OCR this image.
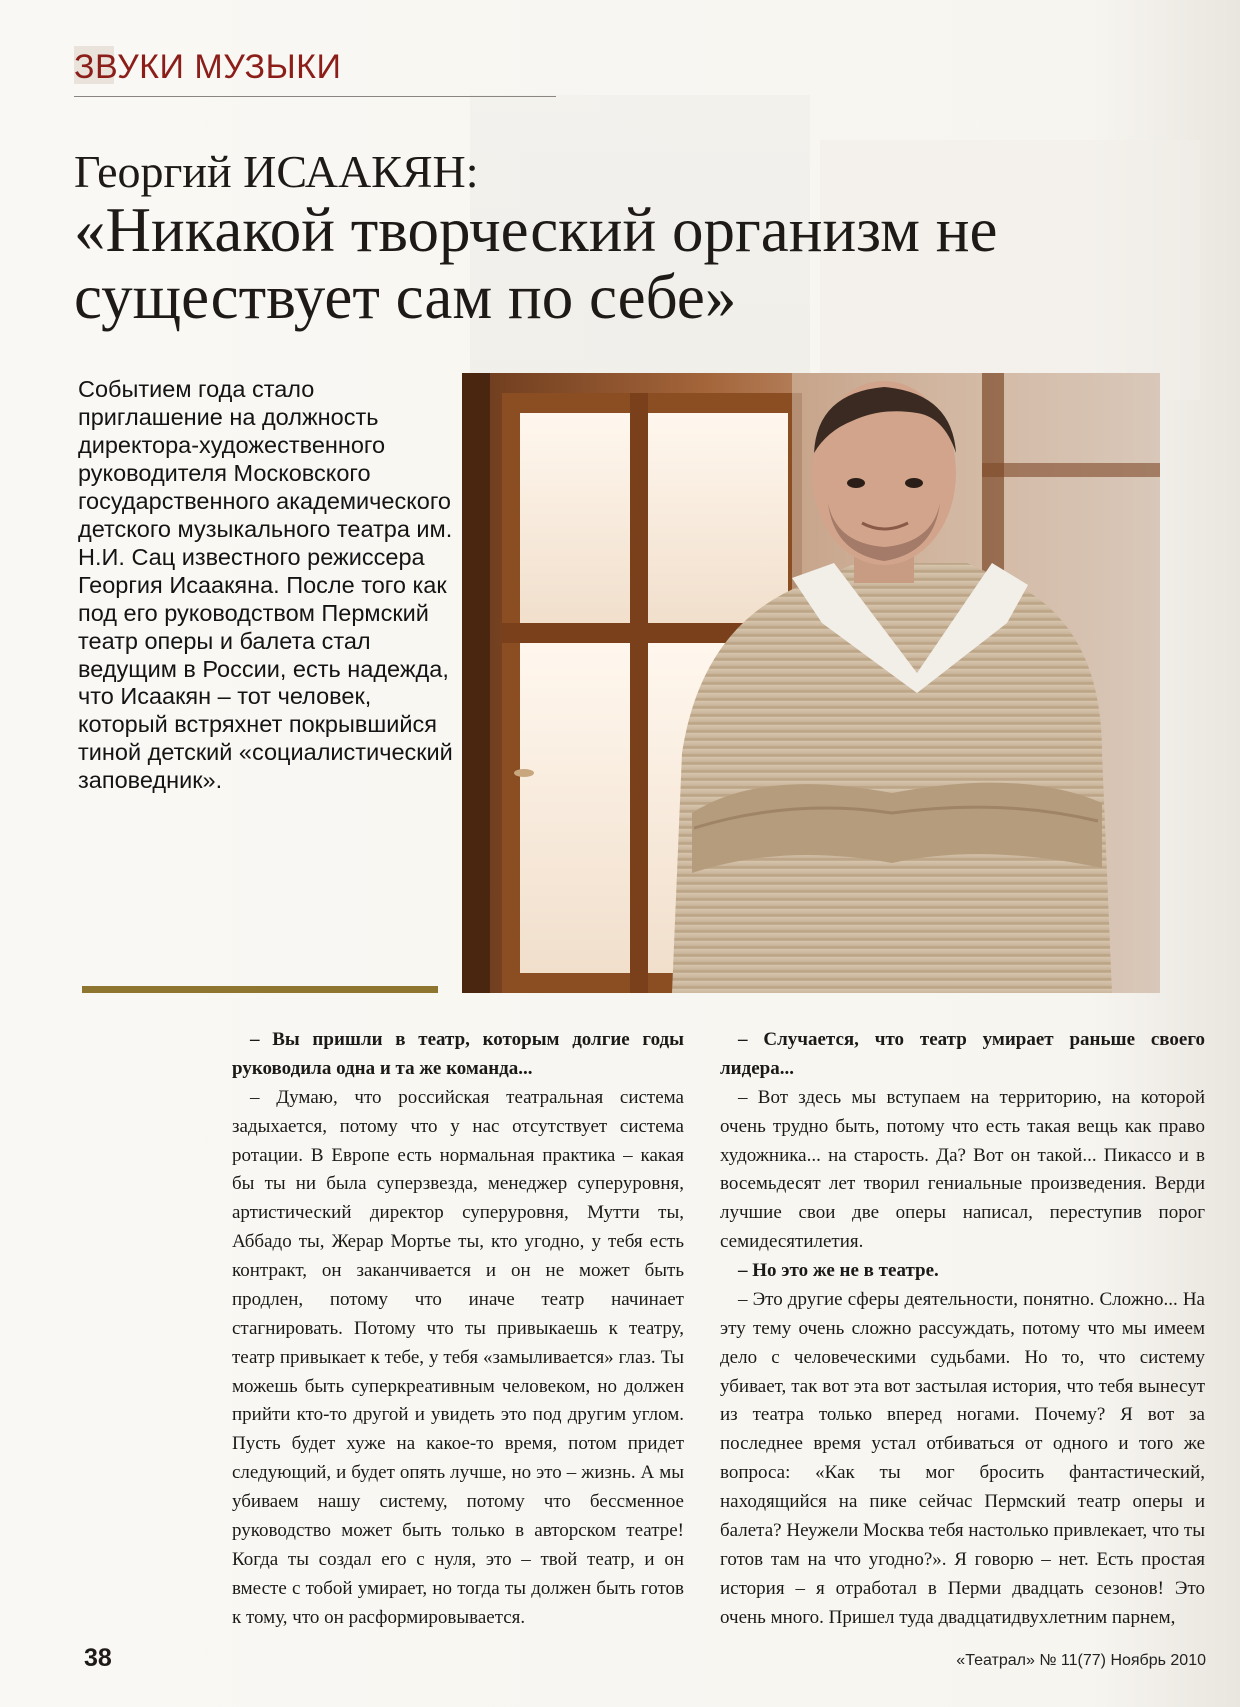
ЗВУКИ МУЗЫКИ
Георгий ИСААКЯН:
«Никакой творческий организм не существует сам по себе»
Событием года стало приглашение на должность директора-художественного руководителя Московского государственного академического детского музыкального театра им. Н.И. Сац известного режиссера Георгия Исаакяна. После того как под его руководством Пермский театр оперы и балета стал ведущим в России, есть надежда, что Исаакян – тот человек, который встряхнет покрывшийся тиной детский «социалистический заповедник».

– Вы пришли в театр, которым долгие годы руководила одна и та же команда...

– Думаю, что российская театральная система задыхается, потому что у нас отсутствует система ротации. В Европе есть нормальная практика – какая бы ты ни была суперзвезда, менеджер суперуровня, артистический директор суперуровня, Мутти ты, Аббадо ты, Жерар Мортье ты, кто угодно, у тебя есть контракт, он заканчивается и он не может быть продлен, потому что иначе театр начинает стагнировать. Потому что ты привыкаешь к театру, театр привыкает к тебе, у тебя «замыливается» глаз. Ты можешь быть суперкреативным человеком, но должен прийти кто-то другой и увидеть это под другим углом. Пусть будет хуже на какое-то время, потом придет следующий, и будет опять лучше, но это – жизнь. А мы убиваем нашу систему, потому что бессменное руководство может быть только в авторском театре! Когда ты создал его с нуля, это – твой театр, и он вместе с тобой умирает, но тогда ты должен быть готов к тому, что он расформировывается.

– Случается, что театр умирает раньше своего лидера...

– Вот здесь мы вступаем на территорию, на которой очень трудно быть, потому что есть такая вещь как право художника... на старость. Да? Вот он такой... Пикассо и в восемьдесят лет творил гениальные произведения. Верди лучшие свои две оперы написал, переступив порог семидесятилетия.

– Но это же не в театре.

– Это другие сферы деятельности, понятно. Сложно... На эту тему очень сложно рассуждать, потому что мы имеем дело с человеческими судьбами. Но то, что систему убивает, так вот эта вот застылая история, что тебя вынесут из театра только вперед ногами. Почему? Я вот за последнее время устал отбиваться от одного и того же вопроса: «Как ты мог бросить фантастический, находящийся на пике сейчас Пермский театр оперы и балета? Неужели Москва тебя настолько привлекает, что ты готов там на что угодно?». Я говорю – нет. Есть простая история – я отработал в Перми двадцать сезонов! Это очень много. Пришел туда двадцатидвухлетним парнем,

38	«Театрал» № 11(77) Ноябрь 2010
